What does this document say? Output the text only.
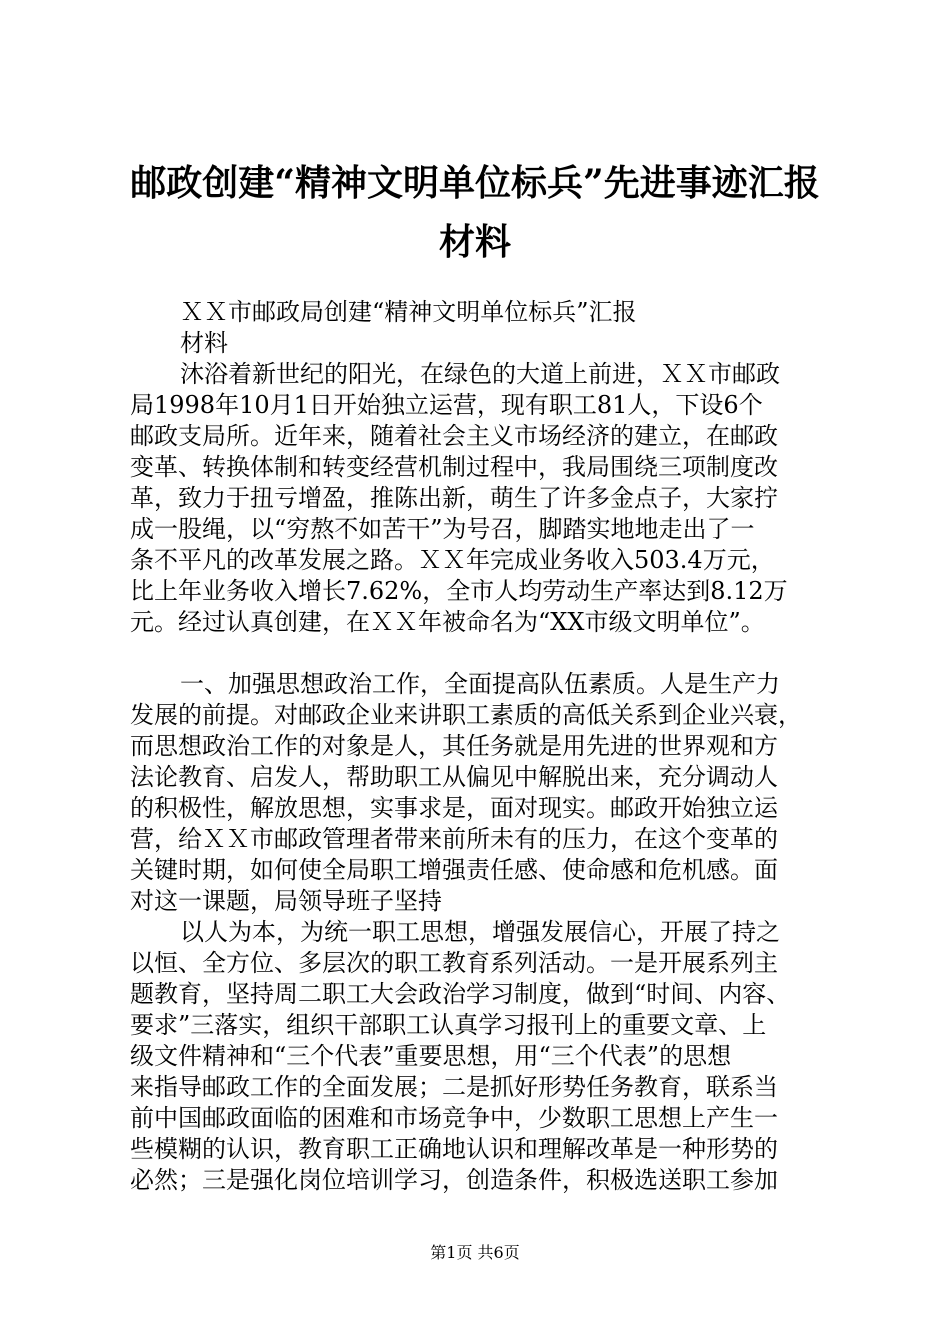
邮政创建“精神文明单位标兵”先进事迹汇报
材料
ＸＸ市邮政局创建“精神文明单位标兵”汇报
材料
沐浴着新世纪的阳光，在绿色的大道上前进，ＸＸ市邮政
局1998年10月1日开始独立运营，现有职工81人，下设6个
邮政支局所。近年来，随着社会主义市场经济的建立，在邮政
变革、转换体制和转变经营机制过程中，我局围绕三项制度改
革，致力于扭亏增盈，推陈出新，萌生了许多金点子，大家拧
成一股绳，以“穷熬不如苦干”为号召，脚踏实地地走出了一
条不平凡的改革发展之路。ＸＸ年完成业务收入503.4万元，
比上年业务收入增长7.62%，全市人均劳动生产率达到8.12万
元。经过认真创建，在ＸＸ年被命名为“XX市级文明单位”。
一、加强思想政治工作，全面提高队伍素质。人是生产力
发展的前提。对邮政企业来讲职工素质的高低关系到企业兴衰，
而思想政治工作的对象是人，其任务就是用先进的世界观和方
法论教育、启发人，帮助职工从偏见中解脱出来，充分调动人
的积极性，解放思想，实事求是，面对现实。邮政开始独立运
营，给ＸＸ市邮政管理者带来前所未有的压力，在这个变革的
关键时期，如何使全局职工增强责任感、使命感和危机感。面
对这一课题，局领导班子坚持
以人为本，为统一职工思想，增强发展信心，开展了持之
以恒、全方位、多层次的职工教育系列活动。一是开展系列主
题教育，坚持周二职工大会政治学习制度，做到“时间、内容、
要求”三落实，组织干部职工认真学习报刊上的重要文章、上
级文件精神和“三个代表”重要思想，用“三个代表”的思想
来指导邮政工作的全面发展；二是抓好形势任务教育，联系当
前中国邮政面临的困难和市场竞争中，少数职工思想上产生一
些模糊的认识，教育职工正确地认识和理解改革是一种形势的
必然；三是强化岗位培训学习，创造条件，积极选送职工参加
第1页 共6页
